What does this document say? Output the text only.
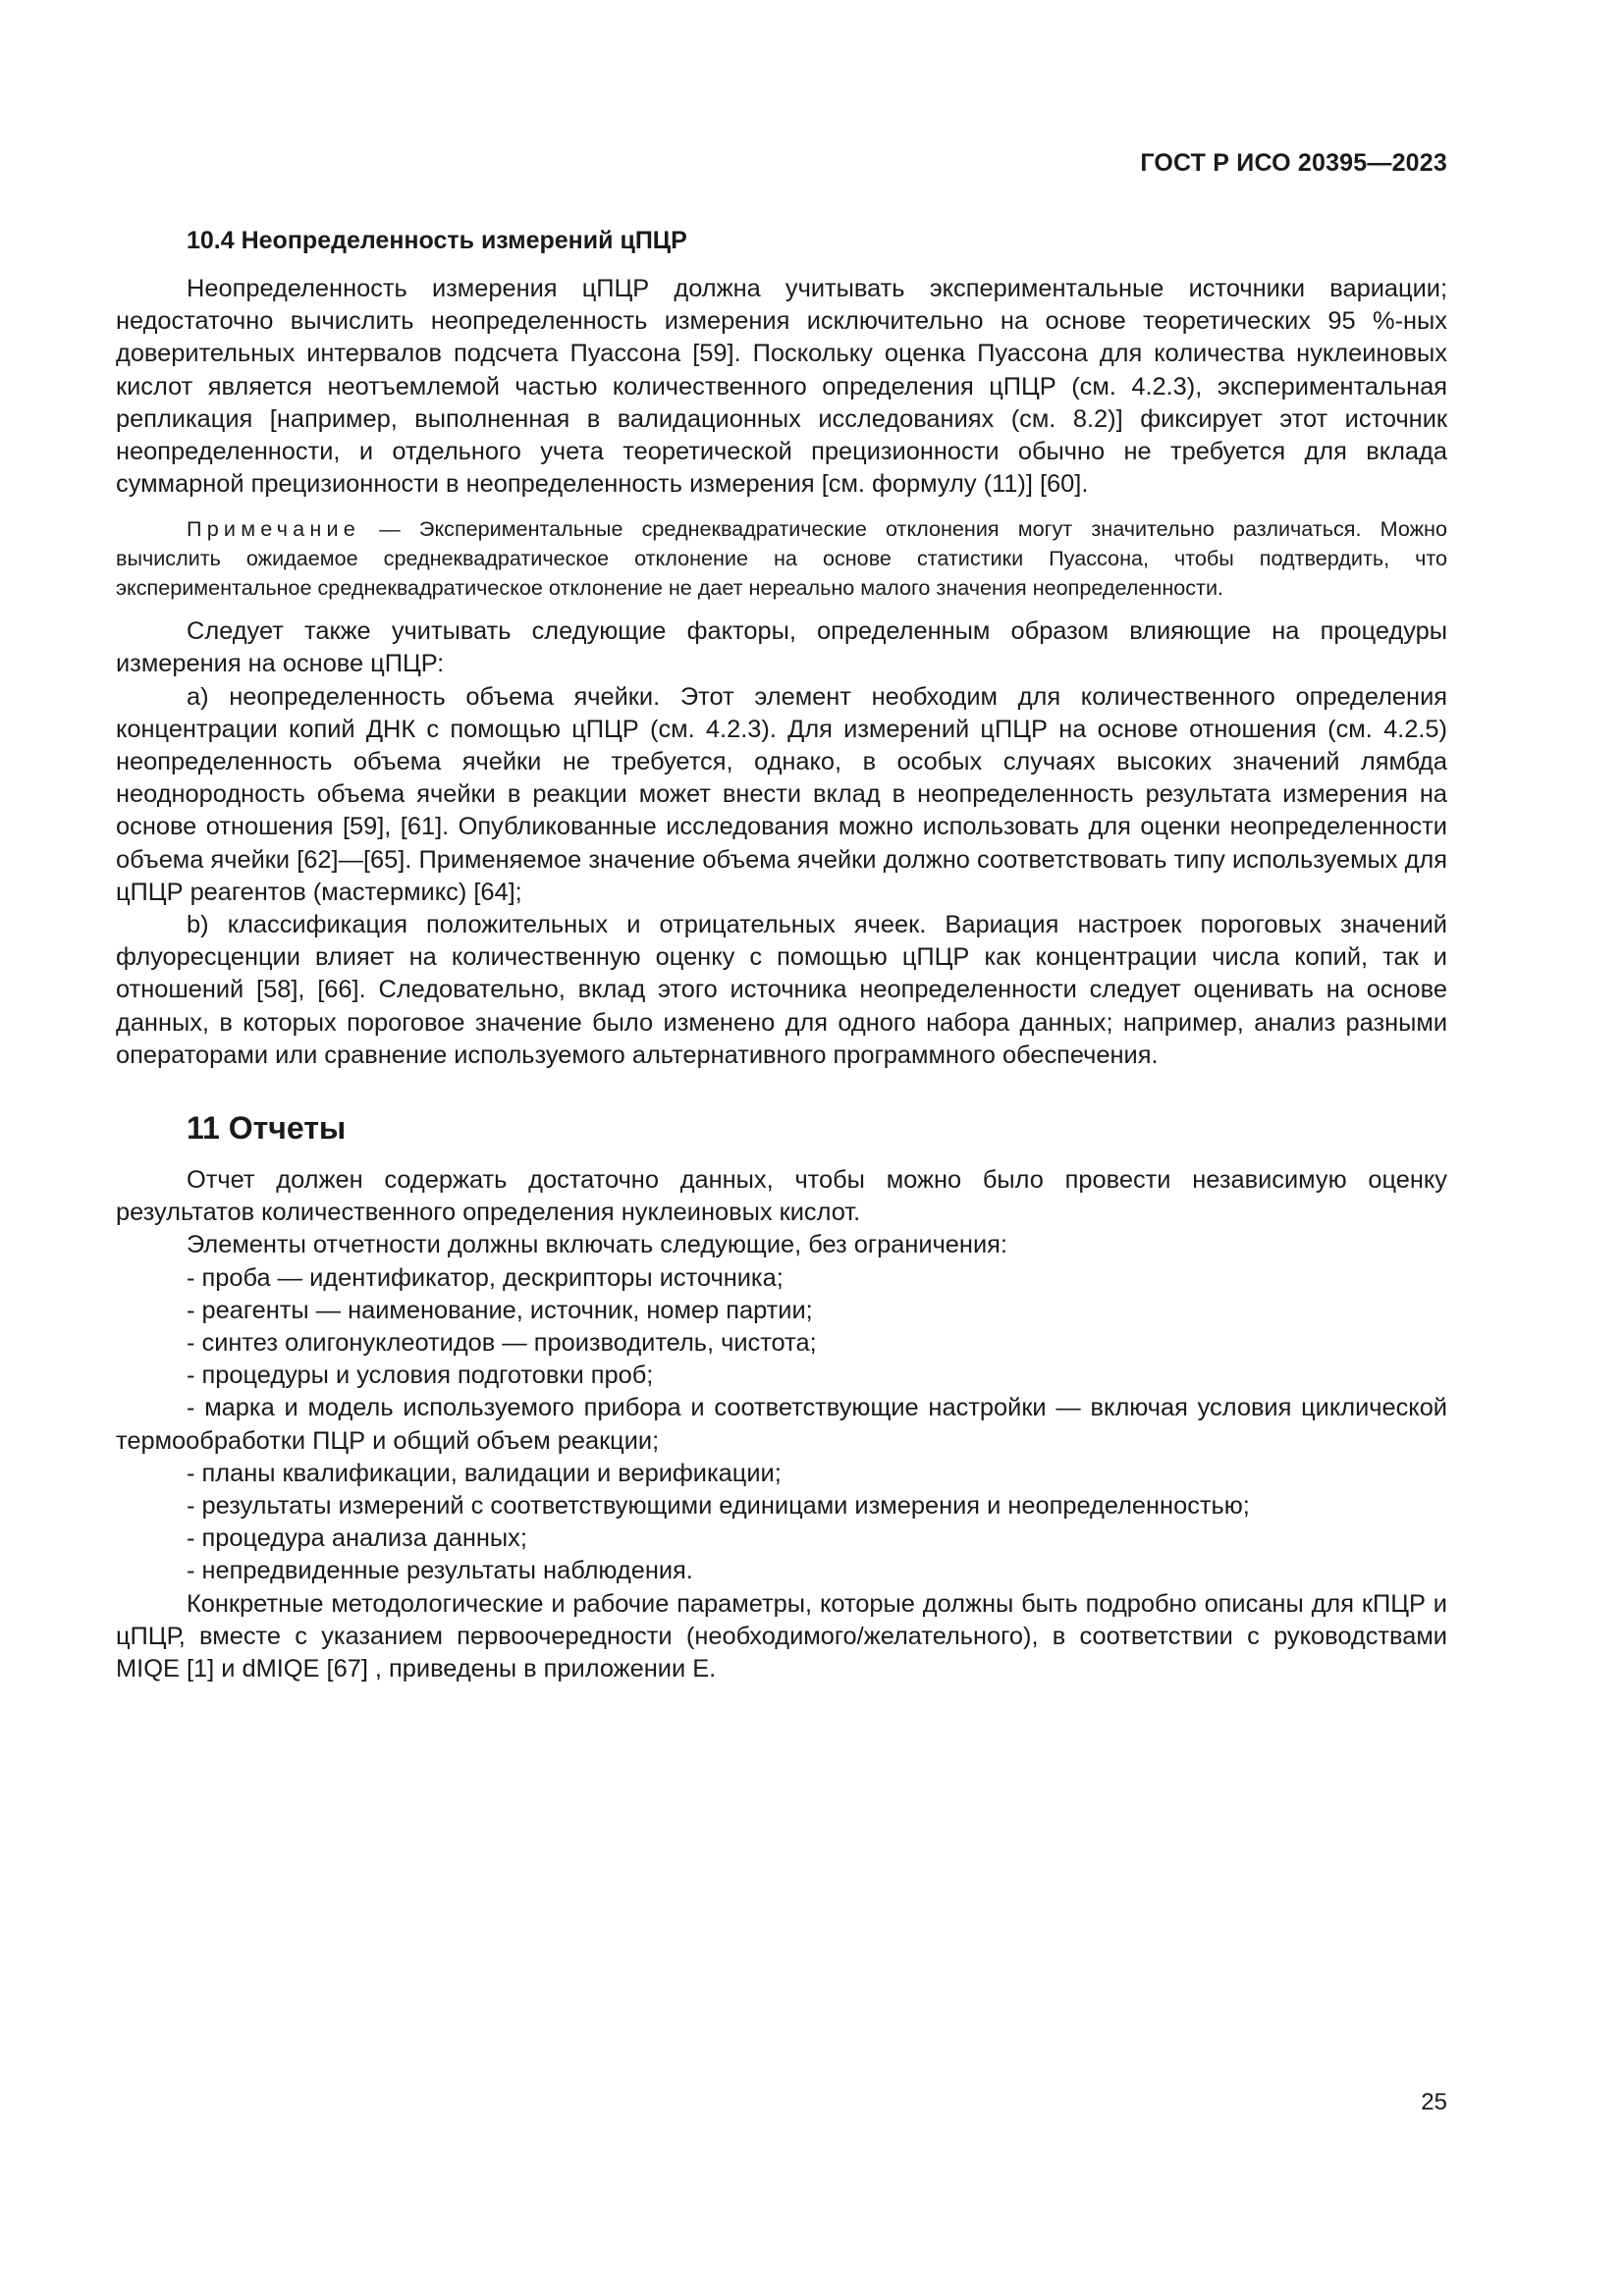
ГОСТ Р ИСО 20395—2023
10.4 Неопределенность измерений цПЦР

Неопределенность измерения цПЦР должна учитывать экспериментальные источники вариации; недостаточно вычислить неопределенность измерения исключительно на основе теоретических 95 %-ных доверительных интервалов подсчета Пуассона [59]. Поскольку оценка Пуассона для количества нуклеиновых кислот является неотъемлемой частью количественного определения цПЦР (см. 4.2.3), экспериментальная репликация [например, выполненная в валидационных исследованиях (см. 8.2)] фиксирует этот источник неопределенности, и отдельного учета теоретической прецизионности обычно не требуется для вклада суммарной прецизионности в неопределенность измерения [см. формулу (11)] [60].

Примечание — Экспериментальные среднеквадратические отклонения могут значительно различаться. Можно вычислить ожидаемое среднеквадратическое отклонение на основе статистики Пуассона, чтобы подтвердить, что экспериментальное среднеквадратическое отклонение не дает нереально малого значения неопределенности.

Следует также учитывать следующие факторы, определенным образом влияющие на процедуры измерения на основе цПЦР:

a) неопределенность объема ячейки. Этот элемент необходим для количественного определения концентрации копий ДНК с помощью цПЦР (см. 4.2.3). Для измерений цПЦР на основе отношения (см. 4.2.5) неопределенность объема ячейки не требуется, однако, в особых случаях высоких значений лямбда неоднородность объема ячейки в реакции может внести вклад в неопределенность результата измерения на основе отношения [59], [61]. Опубликованные исследования можно использовать для оценки неопределенности объема ячейки [62]—[65]. Применяемое значение объема ячейки должно соответствовать типу используемых для цПЦР реагентов (мастермикс) [64];

b) классификация положительных и отрицательных ячеек. Вариация настроек пороговых значений флуоресценции влияет на количественную оценку с помощью цПЦР как концентрации числа копий, так и отношений [58], [66]. Следовательно, вклад этого источника неопределенности следует оценивать на основе данных, в которых пороговое значение было изменено для одного набора данных; например, анализ разными операторами или сравнение используемого альтернативного программного обеспечения.

11 Отчеты

Отчет должен содержать достаточно данных, чтобы можно было провести независимую оценку результатов количественного определения нуклеиновых кислот.

Элементы отчетности должны включать следующие, без ограничения:

- проба — идентификатор, дескрипторы источника;
- реагенты — наименование, источник, номер партии;
- синтез олигонуклеотидов — производитель, чистота;
- процедуры и условия подготовки проб;
- марка и модель используемого прибора и соответствующие настройки — включая условия циклической термообработки ПЦР и общий объем реакции;
- планы квалификации, валидации и верификации;
- результаты измерений с соответствующими единицами измерения и неопределенностью;
- процедура анализа данных;
- непредвиденные результаты наблюдения.

Конкретные методологические и рабочие параметры, которые должны быть подробно описаны для кПЦР и цПЦР, вместе с указанием первоочередности (необходимого/желательного), в соответствии с руководствами MIQE [1] и dMIQE [67] , приведены в приложении Е.

25
